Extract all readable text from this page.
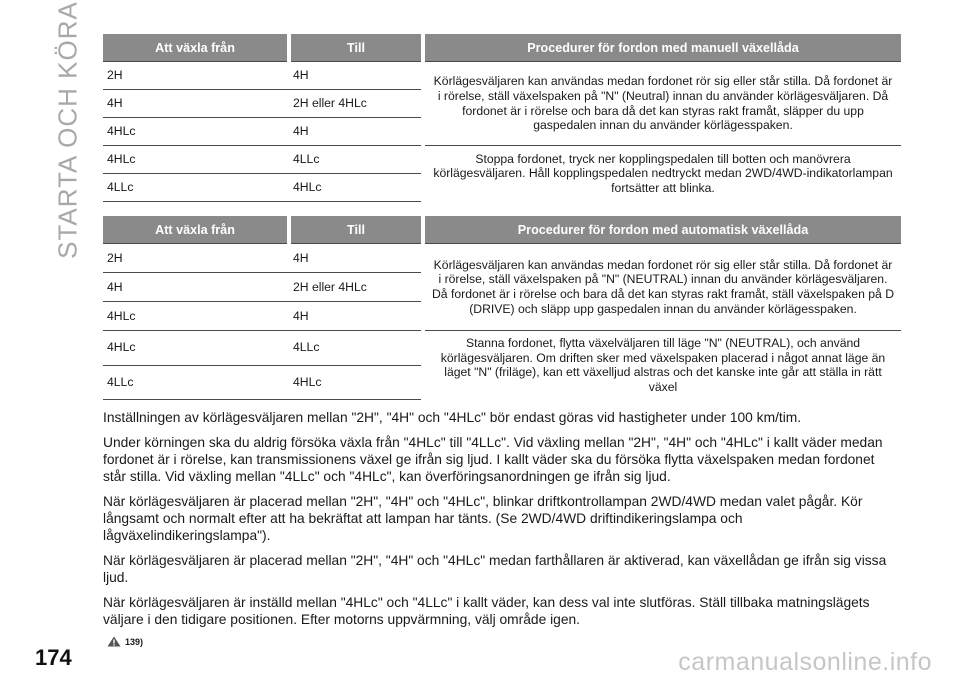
STARTA OCH KÖRA	Att växla från	Till	Procedurer för fordon med manuell växellåda
2H	4H	Körlägesväljaren kan användas medan fordonet rör sig eller står stilla. Då fordonet är i rörelse, ställ växelspaken på "N" (Neutral) innan du använder körlägesväljaren. Då fordonet är i rörelse och bara då det kan styras rakt framåt, släpper du upp gaspedalen innan du använder körlägesspaken.
4H	2H eller 4HLc	
4HLc	4H	
4HLc	4LLc	Stoppa fordonet, tryck ner kopplingspedalen till botten och manövrera körlägesväljaren. Håll kopplingspedalen nedtryckt medan 2WD/4WD-indikatorlampan fortsätter att blinka.
4LLc	4HLc	
Att växla från	Till	Procedurer för fordon med automatisk växellåda
2H	4H	Körlägesväljaren kan användas medan fordonet rör sig eller står stilla. Då fordonet är i rörelse, ställ växelspaken på "N" (NEUTRAL) innan du använder körlägesväljaren. Då fordonet är i rörelse och bara då det kan styras rakt framåt, ställ växelspaken på D (DRIVE) och släpp upp gaspedalen innan du använder körlägesspaken.
4H	2H eller 4HLc	
4HLc	4H	
4HLc	4LLc	Stanna fordonet, flytta växelväljaren till läge "N" (NEUTRAL), och använd körlägesväljaren. Om driften sker med växelspaken placerad i något annat läge än läget "N" (friläge), kan ett växelljud alstras och det kanske inte går att ställa in rätt växel
4LLc	4HLc	

Inställningen av körlägesväljaren mellan "2H", "4H" och "4HLc" bör endast göras vid hastigheter under 100 km/tim.

Under körningen ska du aldrig försöka växla från "4HLc" till "4LLc". Vid växling mellan "2H", "4H" och "4HLc" i kallt väder medan fordonet är i rörelse, kan transmissionens växel ge ifrån sig ljud. I kallt väder ska du försöka flytta växelspaken medan fordonet står stilla. Vid växling mellan "4LLc" och "4HLc", kan överföringsanordningen ge ifrån sig ljud.

När körlägesväljaren är placerad mellan "2H", "4H" och "4HLc", blinkar driftkontrollampan 2WD/4WD medan valet pågår. Kör långsamt och normalt efter att ha bekräftat att lampan har tänts. (Se 2WD/4WD driftindikeringslampa och lågväxelindikeringslampa").

När körlägesväljaren är placerad mellan "2H", "4H" och "4HLc" medan farthållaren är aktiverad, kan växellådan ge ifrån sig vissa ljud.

När körlägesväljaren är inställd mellan "4HLc" och "4LLc" i kallt väder, kan dess val inte slutföras. Ställ tillbaka matningslägets väljare i den tidigare positionen. Efter motorns uppvärmning, välj område igen.

139)
174	carmanualsonline.info
